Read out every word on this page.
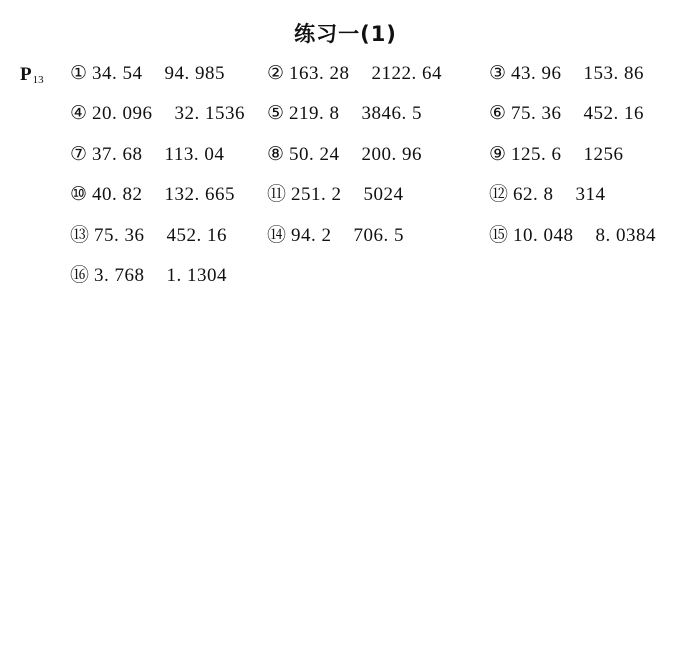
练习一(1)
$P_{13}$ ① 34. 54 94. 985 ② 163. 28 2122. 64 ③ 43. 96 153. 86
④ 20. 096 32. 1536 ⑤ 219. 8 3846. 5	⑥ 75. 36 452. 16
⑦ 37. 68 113. 04 ⑧ 50. 24 200. 96	⑨ 125. 6 1256
⑩ 40. 82 132. 665 ⑪ 251. 2 5024	⑫ 62. 8 314
⑬ 75. 36 452. 16 ⑭ 94. 2 706. 5	⑮ 10. 048 8. 0384
⑯ 3. 768 1. 1304
